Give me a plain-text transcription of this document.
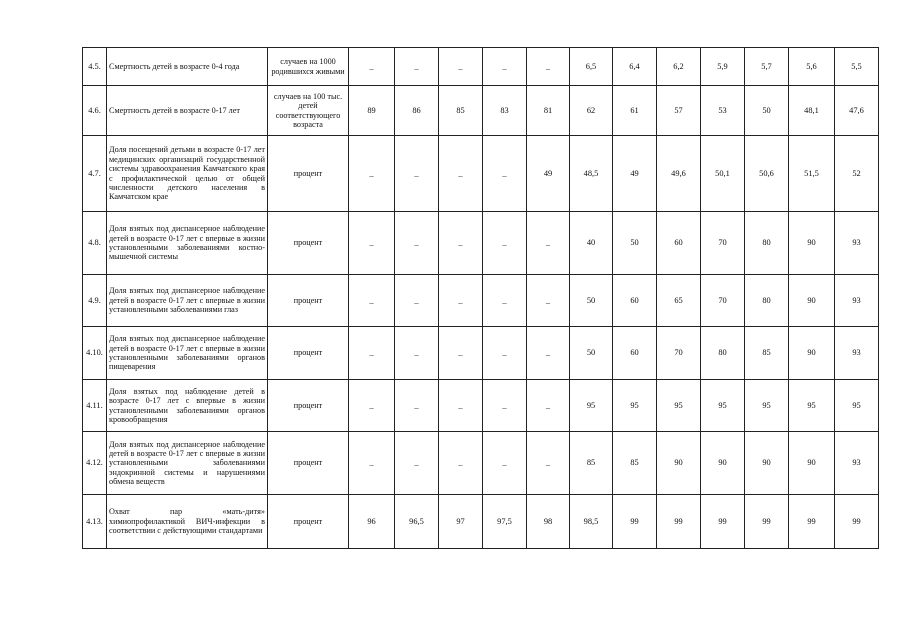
4.5.	Смертность детей в возрасте 0-4 года	случаев на 1000 родившихся живыми	_	_	_	_	_	6,5	6,4	6,2	5,9	5,7	5,6	5,5
4.6.	Смертность детей в возрасте 0-17 лет	случаев на 100 тыс. детей соответствующего возраста	89	86	85	83	81	62	61	57	53	50	48,1	47,6
4.7.	Доля посещений детьми в возрасте 0-17 лет медицинских организаций государственной системы здравоохранения Камчатского края с профилактической целью от общей численности детского населения в Камчатском крае	процент	_	_	_	_	49	48,5	49	49,6	50,1	50,6	51,5	52
4.8.	Доля взятых под диспансерное наблюдение детей в возрасте 0-17 лет с впервые в жизни установленными заболеваниями костно-мышечной системы	процент	_	_	_	_	_	40	50	60	70	80	90	93
4.9.	Доля взятых под диспансерное наблюдение детей в возрасте 0-17 лет с впервые в жизни установленными заболеваниями глаз	процент	_	_	_	_	_	50	60	65	70	80	90	93
4.10.	Доля взятых под диспансерное наблюдение детей в возрасте 0-17 лет с впервые в жизни установленными заболеваниями органов пищеварения	процент	_	_	_	_	_	50	60	70	80	85	90	93
4.11.	Доля взятых под наблюдение детей в возрасте 0-17 лет с впервые в жизни установленными заболеваниями органов кровообращения	процент	_	_	_	_	_	95	95	95	95	95	95	95
4.12.	Доля взятых под диспансерное наблюдение детей в возрасте 0-17 лет с впервые в жизни установленными заболеваниями эндокринной системы и нарушениями обмена веществ	процент	_	_	_	_	_	85	85	90	90	90	90	93
4.13.	Охват пар «мать-дитя» химиопрофилактикой ВИЧ-инфекции в соответствии с действующими стандартами	процент	96	96,5	97	97,5	98	98,5	99	99	99	99	99	99
